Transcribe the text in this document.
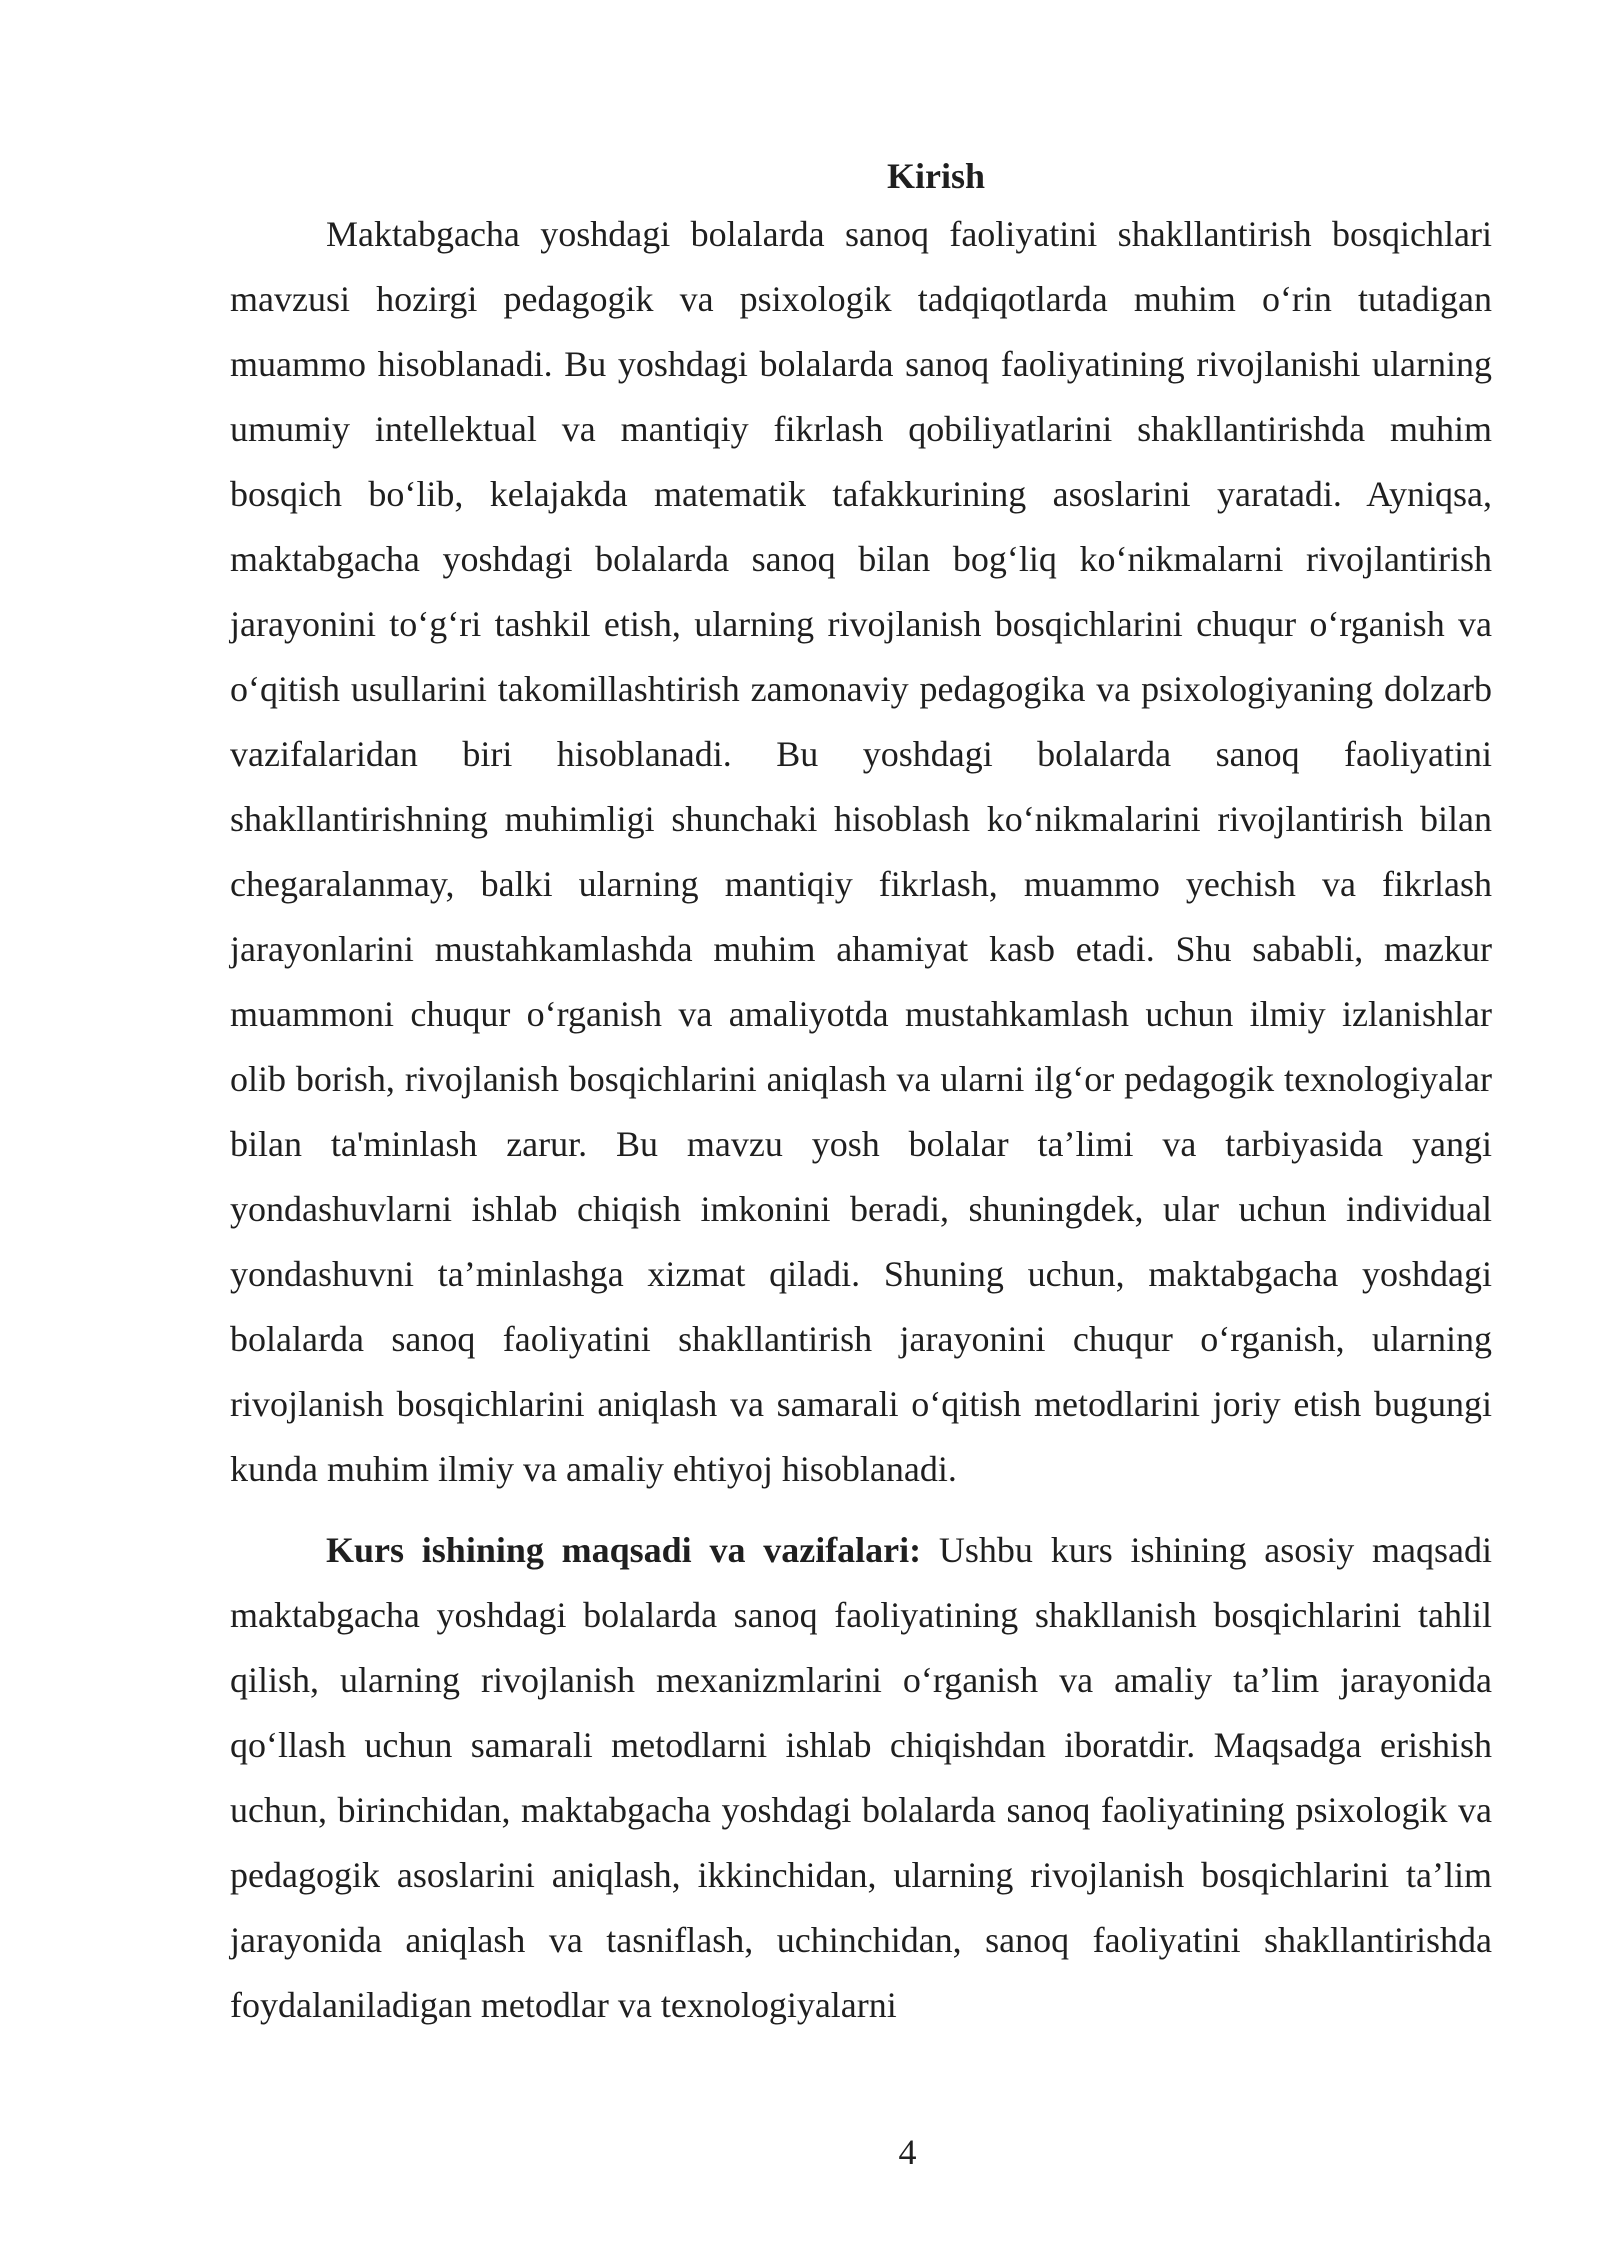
Kirish

Maktabgacha yoshdagi bolalarda sanoq faoliyatini shakllantirish bosqichlari mavzusi hozirgi pedagogik va psixologik tadqiqotlarda muhim o‘rin tutadigan muammo hisoblanadi. Bu yoshdagi bolalarda sanoq faoliyatining rivojlanishi ularning umumiy intellektual va mantiqiy fikrlash qobiliyatlarini shakllantirishda muhim bosqich bo‘lib, kelajakda matematik tafakkurining asoslarini yaratadi. Ayniqsa, maktabgacha yoshdagi bolalarda sanoq bilan bog‘liq ko‘nikmalarni rivojlantirish jarayonini to‘g‘ri tashkil etish, ularning rivojlanish bosqichlarini chuqur o‘rganish va o‘qitish usullarini takomillashtirish zamonaviy pedagogika va psixologiyaning dolzarb vazifalaridan biri hisoblanadi. Bu yoshdagi bolalarda sanoq faoliyatini shakllantirishning muhimligi shunchaki hisoblash ko‘nikmalarini rivojlantirish bilan chegaralanmay, balki ularning mantiqiy fikrlash, muammo yechish va fikrlash jarayonlarini mustahkamlashda muhim ahamiyat kasb etadi. Shu sababli, mazkur muammoni chuqur o‘rganish va amaliyotda mustahkamlash uchun ilmiy izlanishlar olib borish, rivojlanish bosqichlarini aniqlash va ularni ilg‘or pedagogik texnologiyalar bilan ta'minlash zarur. Bu mavzu yosh bolalar ta’limi va tarbiyasida yangi yondashuvlarni ishlab chiqish imkonini beradi, shuningdek, ular uchun individual yondashuvni ta’minlashga xizmat qiladi. Shuning uchun, maktabgacha yoshdagi bolalarda sanoq faoliyatini shakllantirish jarayonini chuqur o‘rganish, ularning rivojlanish bosqichlarini aniqlash va samarali o‘qitish metodlarini joriy etish bugungi kunda muhim ilmiy va amaliy ehtiyoj hisoblanadi.

Kurs ishining maqsadi va vazifalari: Ushbu kurs ishining asosiy maqsadi maktabgacha yoshdagi bolalarda sanoq faoliyatining shakllanish bosqichlarini tahlil qilish, ularning rivojlanish mexanizmlarini o‘rganish va amaliy ta’lim jarayonida qo‘llash uchun samarali metodlarni ishlab chiqishdan iboratdir. Maqsadga erishish uchun, birinchidan, maktabgacha yoshdagi bolalarda sanoq faoliyatining psixologik va pedagogik asoslarini aniqlash, ikkinchidan, ularning rivojlanish bosqichlarini ta’lim jarayonida aniqlash va tasniflash, uchinchidan, sanoq faoliyatini shakllantirishda foydalaniladigan metodlar va texnologiyalarni

4
